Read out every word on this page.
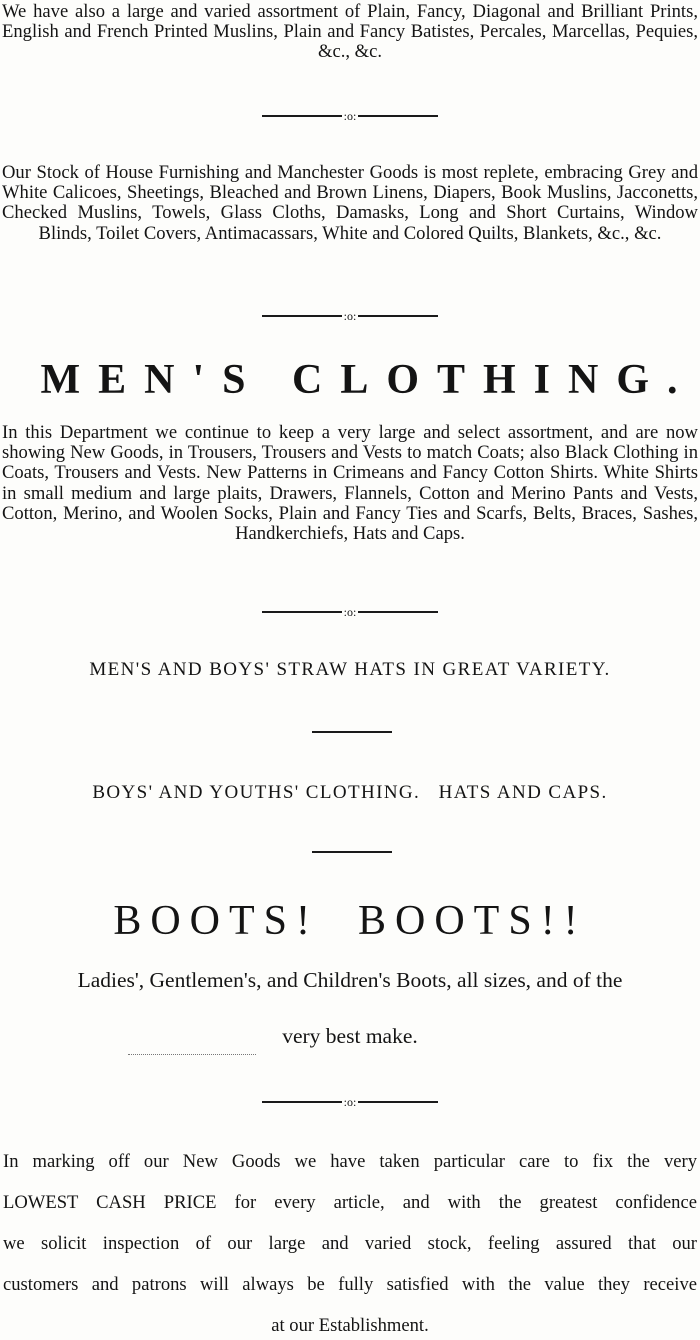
We have also a large and varied assortment of Plain, Fancy, Diagonal and Brilliant Prints, English and French Printed Muslins, Plain and Fancy Batistes, Percales, Marcellas, Pequies, &c., &c.

:o:

Our Stock of House Furnishing and Manchester Goods is most replete, embracing Grey and White Calicoes, Sheetings, Bleached and Brown Linens, Diapers, Book Muslins, Jacconetts, Checked Muslins, Towels, Glass Cloths, Damasks, Long and Short Curtains, Window Blinds, Toilet Covers, Antimacassars, White and Colored Quilts, Blankets, &c., &c.

:o:

MEN'S CLOTHING.

In this Department we continue to keep a very large and select assortment, and are now showing New Goods, in Trousers, Trousers and Vests to match Coats; also Black Clothing in Coats, Trousers and Vests. New Patterns in Crimeans and Fancy Cotton Shirts. White Shirts in small medium and large plaits, Drawers, Flannels, Cotton and Merino Pants and Vests, Cotton, Merino, and Woolen Socks, Plain and Fancy Ties and Scarfs, Belts, Braces, Sashes, Handkerchiefs, Hats and Caps.

:o:

MEN'S AND BOYS' STRAW HATS IN GREAT VARIETY.

BOYS' AND YOUTHS' CLOTHING.   HATS AND CAPS.

BOOTS!  BOOTS!!

Ladies', Gentlemen's, and Children's Boots, all sizes, and of the

very best make.

:o:
In marking off our New Goods we have taken particular care to fix the very
LOWEST CASH PRICE for every article, and with the greatest confidence
we solicit inspection of our large and varied stock, feeling assured that our
customers and patrons will always be fully satisfied with the value they receive
at our Establishment.
